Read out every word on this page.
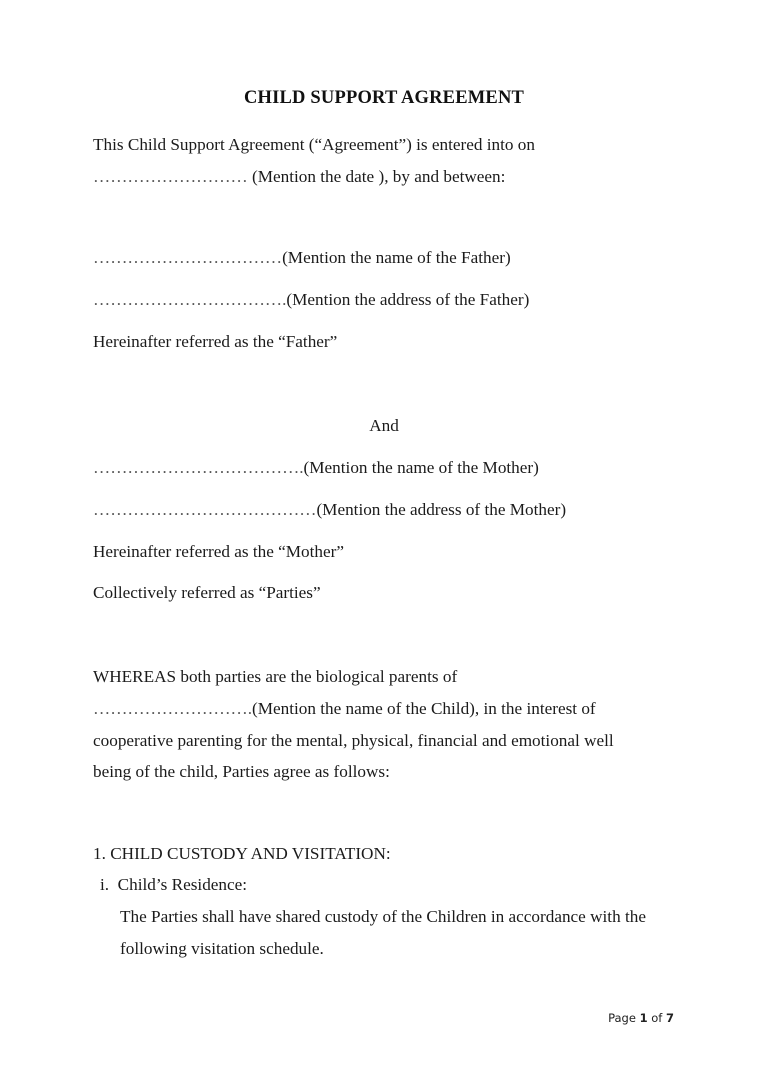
CHILD SUPPORT AGREEMENT
This Child Support Agreement (“Agreement”) is entered into on
……………………… (Mention the date ), by and between:
……………………………(Mention the name of the Father)
…………………………….(Mention the address of the Father)
Hereinafter referred as the “Father”
And
……………………………….(Mention the name of the Mother)
…………………………………(Mention the address of the Mother)
Hereinafter referred as the “Mother”
Collectively referred as “Parties”
WHEREAS both parties are the biological parents of
……………………….(Mention the name of the Child), in the interest of
cooperative parenting for the mental, physical, financial and emotional well
being of the child, Parties agree as follows:
1. CHILD CUSTODY AND VISITATION:
i. Child’s Residence:
The Parties shall have shared custody of the Children in accordance with the
following visitation schedule.
Page 1 of 7
